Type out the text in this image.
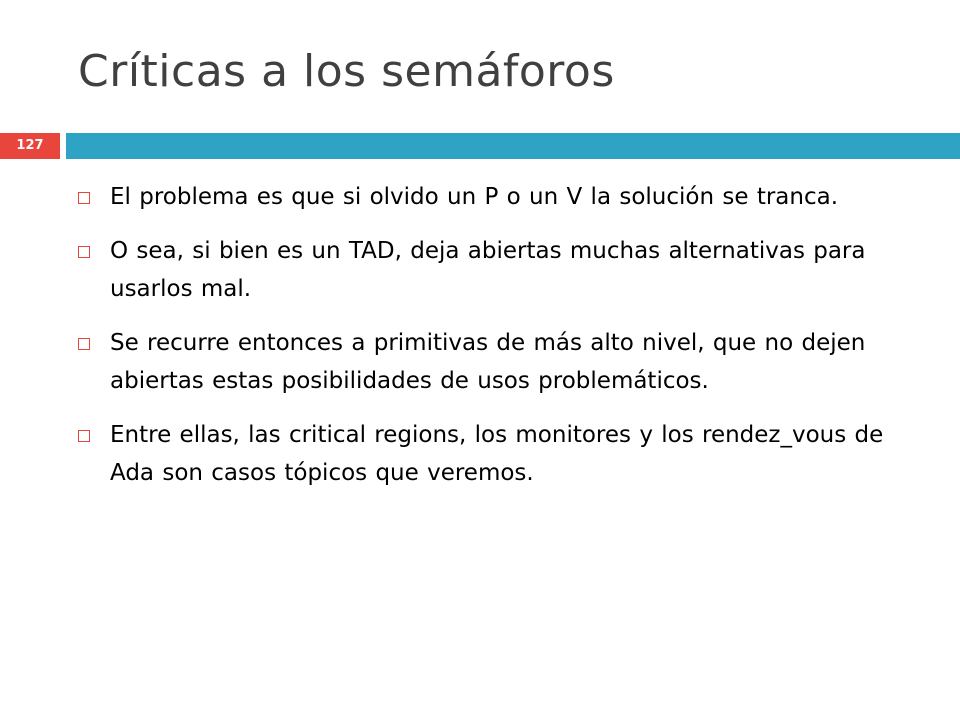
Críticas a los semáforos
127
El problema es que si olvido un P o un V la solución se tranca.
O sea, si bien es un TAD, deja abiertas muchas alternativas para usarlos mal.
Se recurre entonces a primitivas de más alto nivel, que no dejen abiertas estas posibilidades de usos problemáticos.
Entre ellas, las critical regions, los monitores y los rendez_vous de Ada son casos tópicos que veremos.
